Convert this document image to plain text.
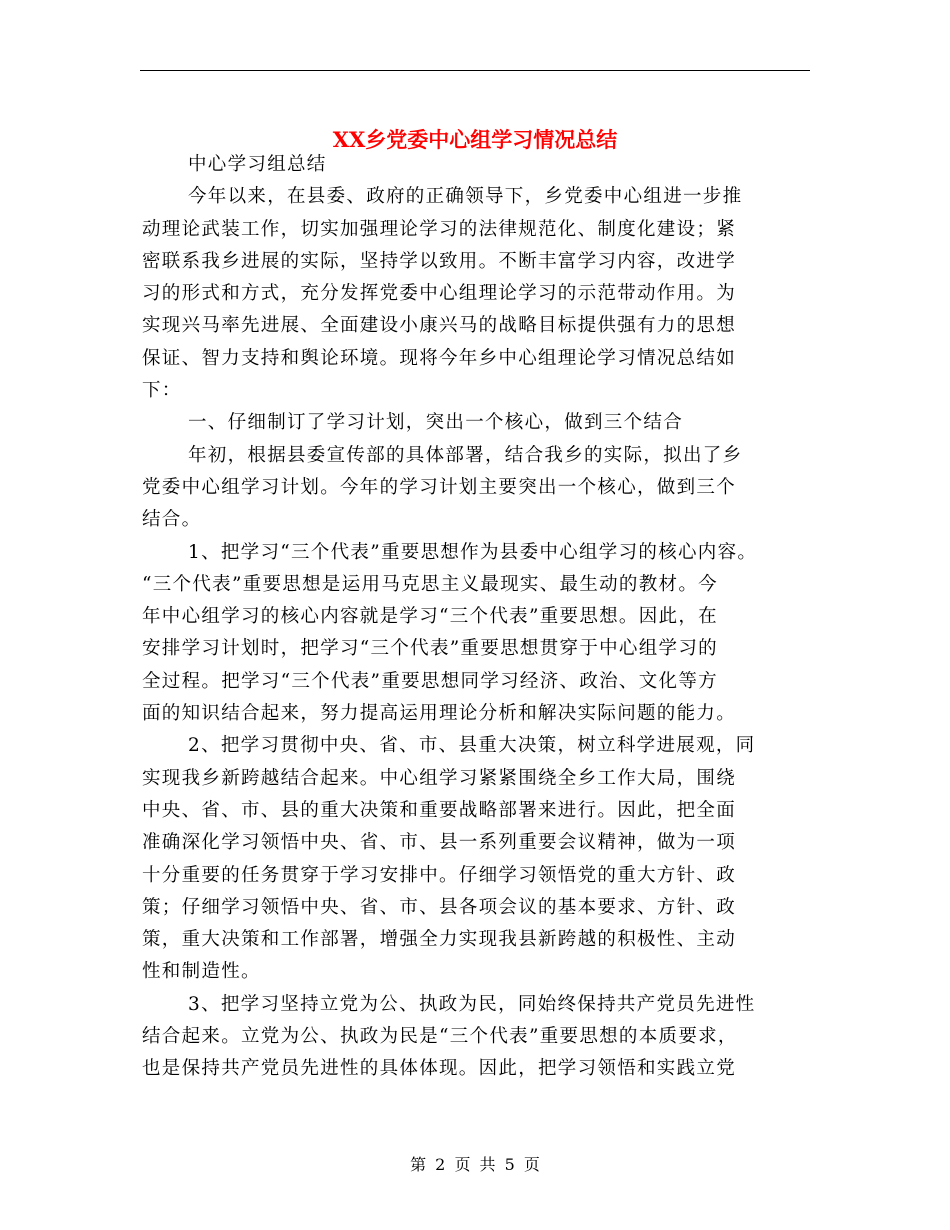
XX乡党委中心组学习情况总结
中心学习组总结
今年以来，在县委、政府的正确领导下，乡党委中心组进一步推
动理论武装工作，切实加强理论学习的法律规范化、制度化建设；紧
密联系我乡进展的实际，坚持学以致用。不断丰富学习内容，改进学
习的形式和方式，充分发挥党委中心组理论学习的示范带动作用。为
实现兴马率先进展、全面建设小康兴马的战略目标提供强有力的思想
保证、智力支持和舆论环境。现将今年乡中心组理论学习情况总结如
下：
一、仔细制订了学习计划，突出一个核心，做到三个结合
年初，根据县委宣传部的具体部署，结合我乡的实际，拟出了乡
党委中心组学习计划。今年的学习计划主要突出一个核心，做到三个
结合。
1、把学习“三个代表”重要思想作为县委中心组学习的核心内容。
“三个代表”重要思想是运用马克思主义最现实、最生动的教材。今
年中心组学习的核心内容就是学习“三个代表”重要思想。因此，在
安排学习计划时，把学习“三个代表”重要思想贯穿于中心组学习的
全过程。把学习“三个代表”重要思想同学习经济、政治、文化等方
面的知识结合起来，努力提高运用理论分析和解决实际问题的能力。
2、把学习贯彻中央、省、市、县重大决策，树立科学进展观，同
实现我乡新跨越结合起来。中心组学习紧紧围绕全乡工作大局，围绕
中央、省、市、县的重大决策和重要战略部署来进行。因此，把全面
准确深化学习领悟中央、省、市、县一系列重要会议精神，做为一项
十分重要的任务贯穿于学习安排中。仔细学习领悟党的重大方针、政
策；仔细学习领悟中央、省、市、县各项会议的基本要求、方针、政
策，重大决策和工作部署，增强全力实现我县新跨越的积极性、主动
性和制造性。
3、把学习坚持立党为公、执政为民，同始终保持共产党员先进性
结合起来。立党为公、执政为民是“三个代表”重要思想的本质要求，
也是保持共产党员先进性的具体体现。因此，把学习领悟和实践立党
第 2 页 共 5 页
